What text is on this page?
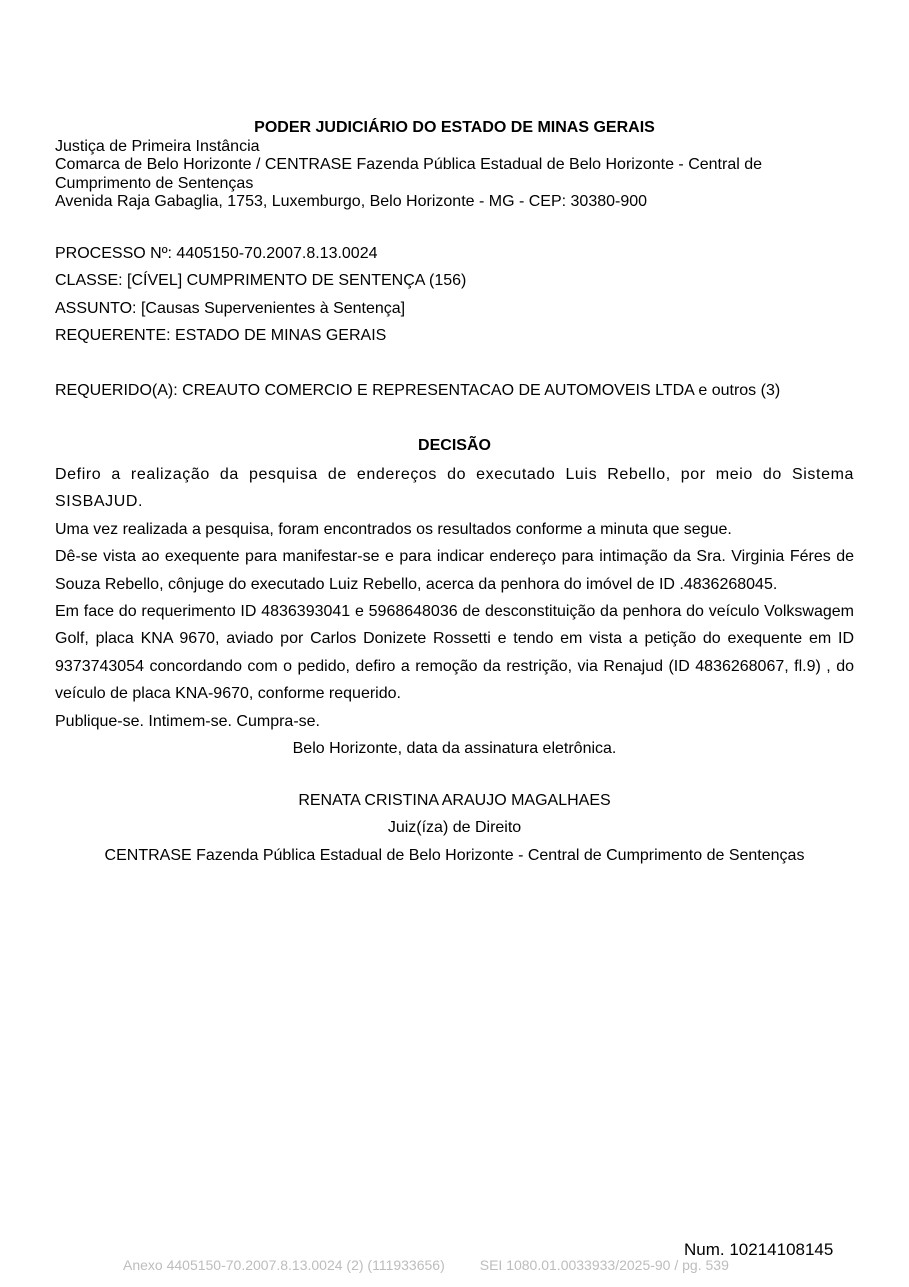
PODER JUDICIÁRIO DO ESTADO DE MINAS GERAIS
Justiça de Primeira Instância
Comarca de Belo Horizonte / CENTRASE Fazenda Pública Estadual de Belo Horizonte - Central de
Cumprimento de Sentenças
Avenida Raja Gabaglia, 1753, Luxemburgo, Belo Horizonte - MG - CEP: 30380-900
PROCESSO Nº: 4405150-70.2007.8.13.0024
CLASSE: [CÍVEL] CUMPRIMENTO DE SENTENÇA (156)
ASSUNTO: [Causas Supervenientes à Sentença]
REQUERENTE: ESTADO DE MINAS GERAIS
REQUERIDO(A): CREAUTO COMERCIO E REPRESENTACAO DE AUTOMOVEIS LTDA e outros (3)
DECISÃO

Defiro a realização da pesquisa de endereços do executado Luis Rebello, por meio do Sistema SISBAJUD.

Uma vez realizada a pesquisa, foram encontrados os resultados conforme a minuta que segue.

Dê-se vista ao exequente para manifestar-se e para indicar endereço para intimação da Sra. Virginia Féres de Souza Rebello, cônjuge do executado Luiz Rebello, acerca da penhora do imóvel de ID .4836268045.

Em face do requerimento ID 4836393041 e 5968648036 de desconstituição da penhora do veículo Volkswagem Golf, placa KNA 9670, aviado por Carlos Donizete Rossetti e tendo em vista a petição do exequente em ID 9373743054 concordando com o pedido, defiro a remoção da restrição, via Renajud (ID 4836268067, fl.9) , do veículo de placa KNA-9670, conforme requerido.

Publique-se. Intimem-se. Cumpra-se.

Belo Horizonte, data da assinatura eletrônica.
RENATA CRISTINA ARAUJO MAGALHAES
Juiz(íza) de Direito
CENTRASE Fazenda Pública Estadual de Belo Horizonte - Central de Cumprimento de Sentenças
Num. 10214108145
Anexo 4405150-70.2007.8.13.0024 (2) (111933656)         SEI 1080.01.0033933/2025-90 / pg. 539
